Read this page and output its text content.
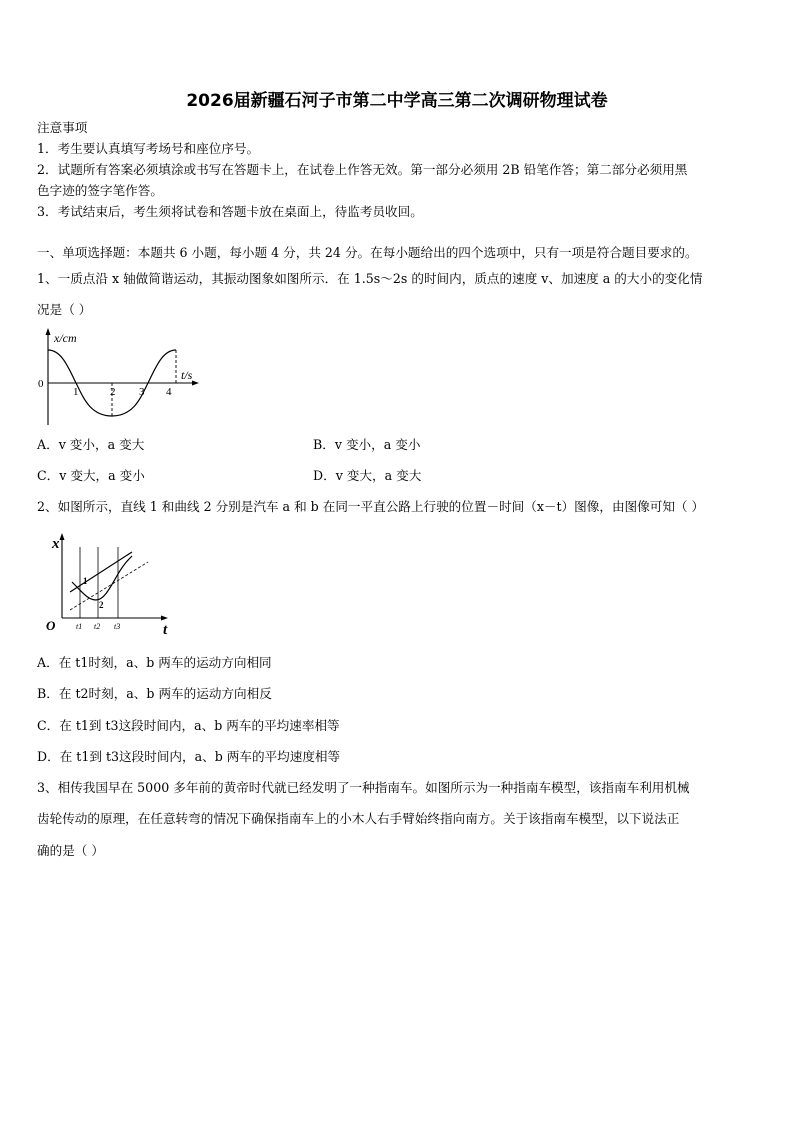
2026届新疆石河子市第二中学高三第二次调研物理试卷
注意事项
1．考生要认真填写考场号和座位序号。
2．试题所有答案必须填涂或书写在答题卡上，在试卷上作答无效。第一部分必须用 2B 铅笔作答；第二部分必须用黑
色字迹的签字笔作答。
3．考试结束后，考生须将试卷和答题卡放在桌面上，待监考员收回。
一、单项选择题：本题共 6 小题，每小题 4 分，共 24 分。在每小题给出的四个选项中，只有一项是符合题目要求的。
1、一质点沿 x 轴做简谐运动，其振动图象如图所示．在 1.5s～2s 的时间内，质点的速度 v、加速度 a 的大小的变化情
况是（ ）
x/cm
t/s
0
1	2 3 4
A．v 变小，a 变大	B．v 变小，a 变小
C．v 变大，a 变小	D．v 变大，a 变大
2、如图所示，直线 1 和曲线 2 分别是汽车 a 和 b 在同一平直公路上行驶的位置－时间（x－t）图像，由图像可知（ ）
x
t
O
1
2
t1 t2 t3
A．在 t1时刻，a、b 两车的运动方向相同
B．在 t2时刻，a、b 两车的运动方向相反
C．在 t1到 t3这段时间内，a、b 两车的平均速率相等
D．在 t1到 t3这段时间内，a、b 两车的平均速度相等
3、相传我国早在 5000 多年前的黄帝时代就已经发明了一种指南车。如图所示为一种指南车模型，该指南车利用机械
齿轮传动的原理，在任意转弯的情况下确保指南车上的小木人右手臂始终指向南方。关于该指南车模型，以下说法正
确的是（ ）
